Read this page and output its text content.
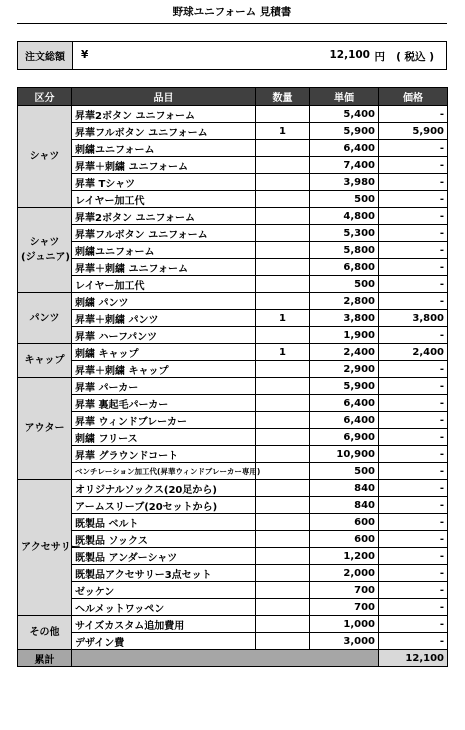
野球ユニフォーム 見積書
注文総額	¥	12,100 円 ( 税込 )
区分	品目	数量	単価	価格
シャツ	昇華2ボタン ユニフォーム		5,400	-
	昇華フルボタン ユニフォーム	1	5,900	5,900
	刺繍ユニフォーム		6,400	-
	昇華＋刺繍 ユニフォーム		7,400	-
	昇華 Tシャツ		3,980	-
	レイヤー加工代		500	-
シャツ
(ジュニア)	昇華2ボタン ユニフォーム		4,800	-
	昇華フルボタン ユニフォーム		5,300	-
	刺繍ユニフォーム		5,800	-
	昇華＋刺繍 ユニフォーム		6,800	-
	レイヤー加工代		500	-
パンツ	刺繍 パンツ		2,800	-
	昇華＋刺繍 パンツ	1	3,800	3,800
	昇華 ハーフパンツ		1,900	-
キャップ	刺繍 キャップ	1	2,400	2,400
	昇華＋刺繍 キャップ		2,900	-
アウター	昇華 パーカー		5,900	-
	昇華 裏起毛パーカー		6,400	-
	昇華 ウィンドブレーカー		6,400	-
	刺繍 フリース		6,900	-
	昇華 グラウンドコート		10,900	-
	ベンチレーション加工代(昇華ウィンドブレーカー専用)		500	-
アクセサリー	オリジナルソックス(20足から)		840	-
	アームスリーブ(20セットから)		840	-
	既製品 ベルト		600	-
	既製品 ソックス		600	-
	既製品 アンダーシャツ		1,200	-
	既製品アクセサリー3点セット		2,000	-
	ゼッケン		700	-
	ヘルメットワッペン		700	-
その他	サイズカスタム追加費用		1,000	-
	デザイン費		3,000	-
累計				12,100
